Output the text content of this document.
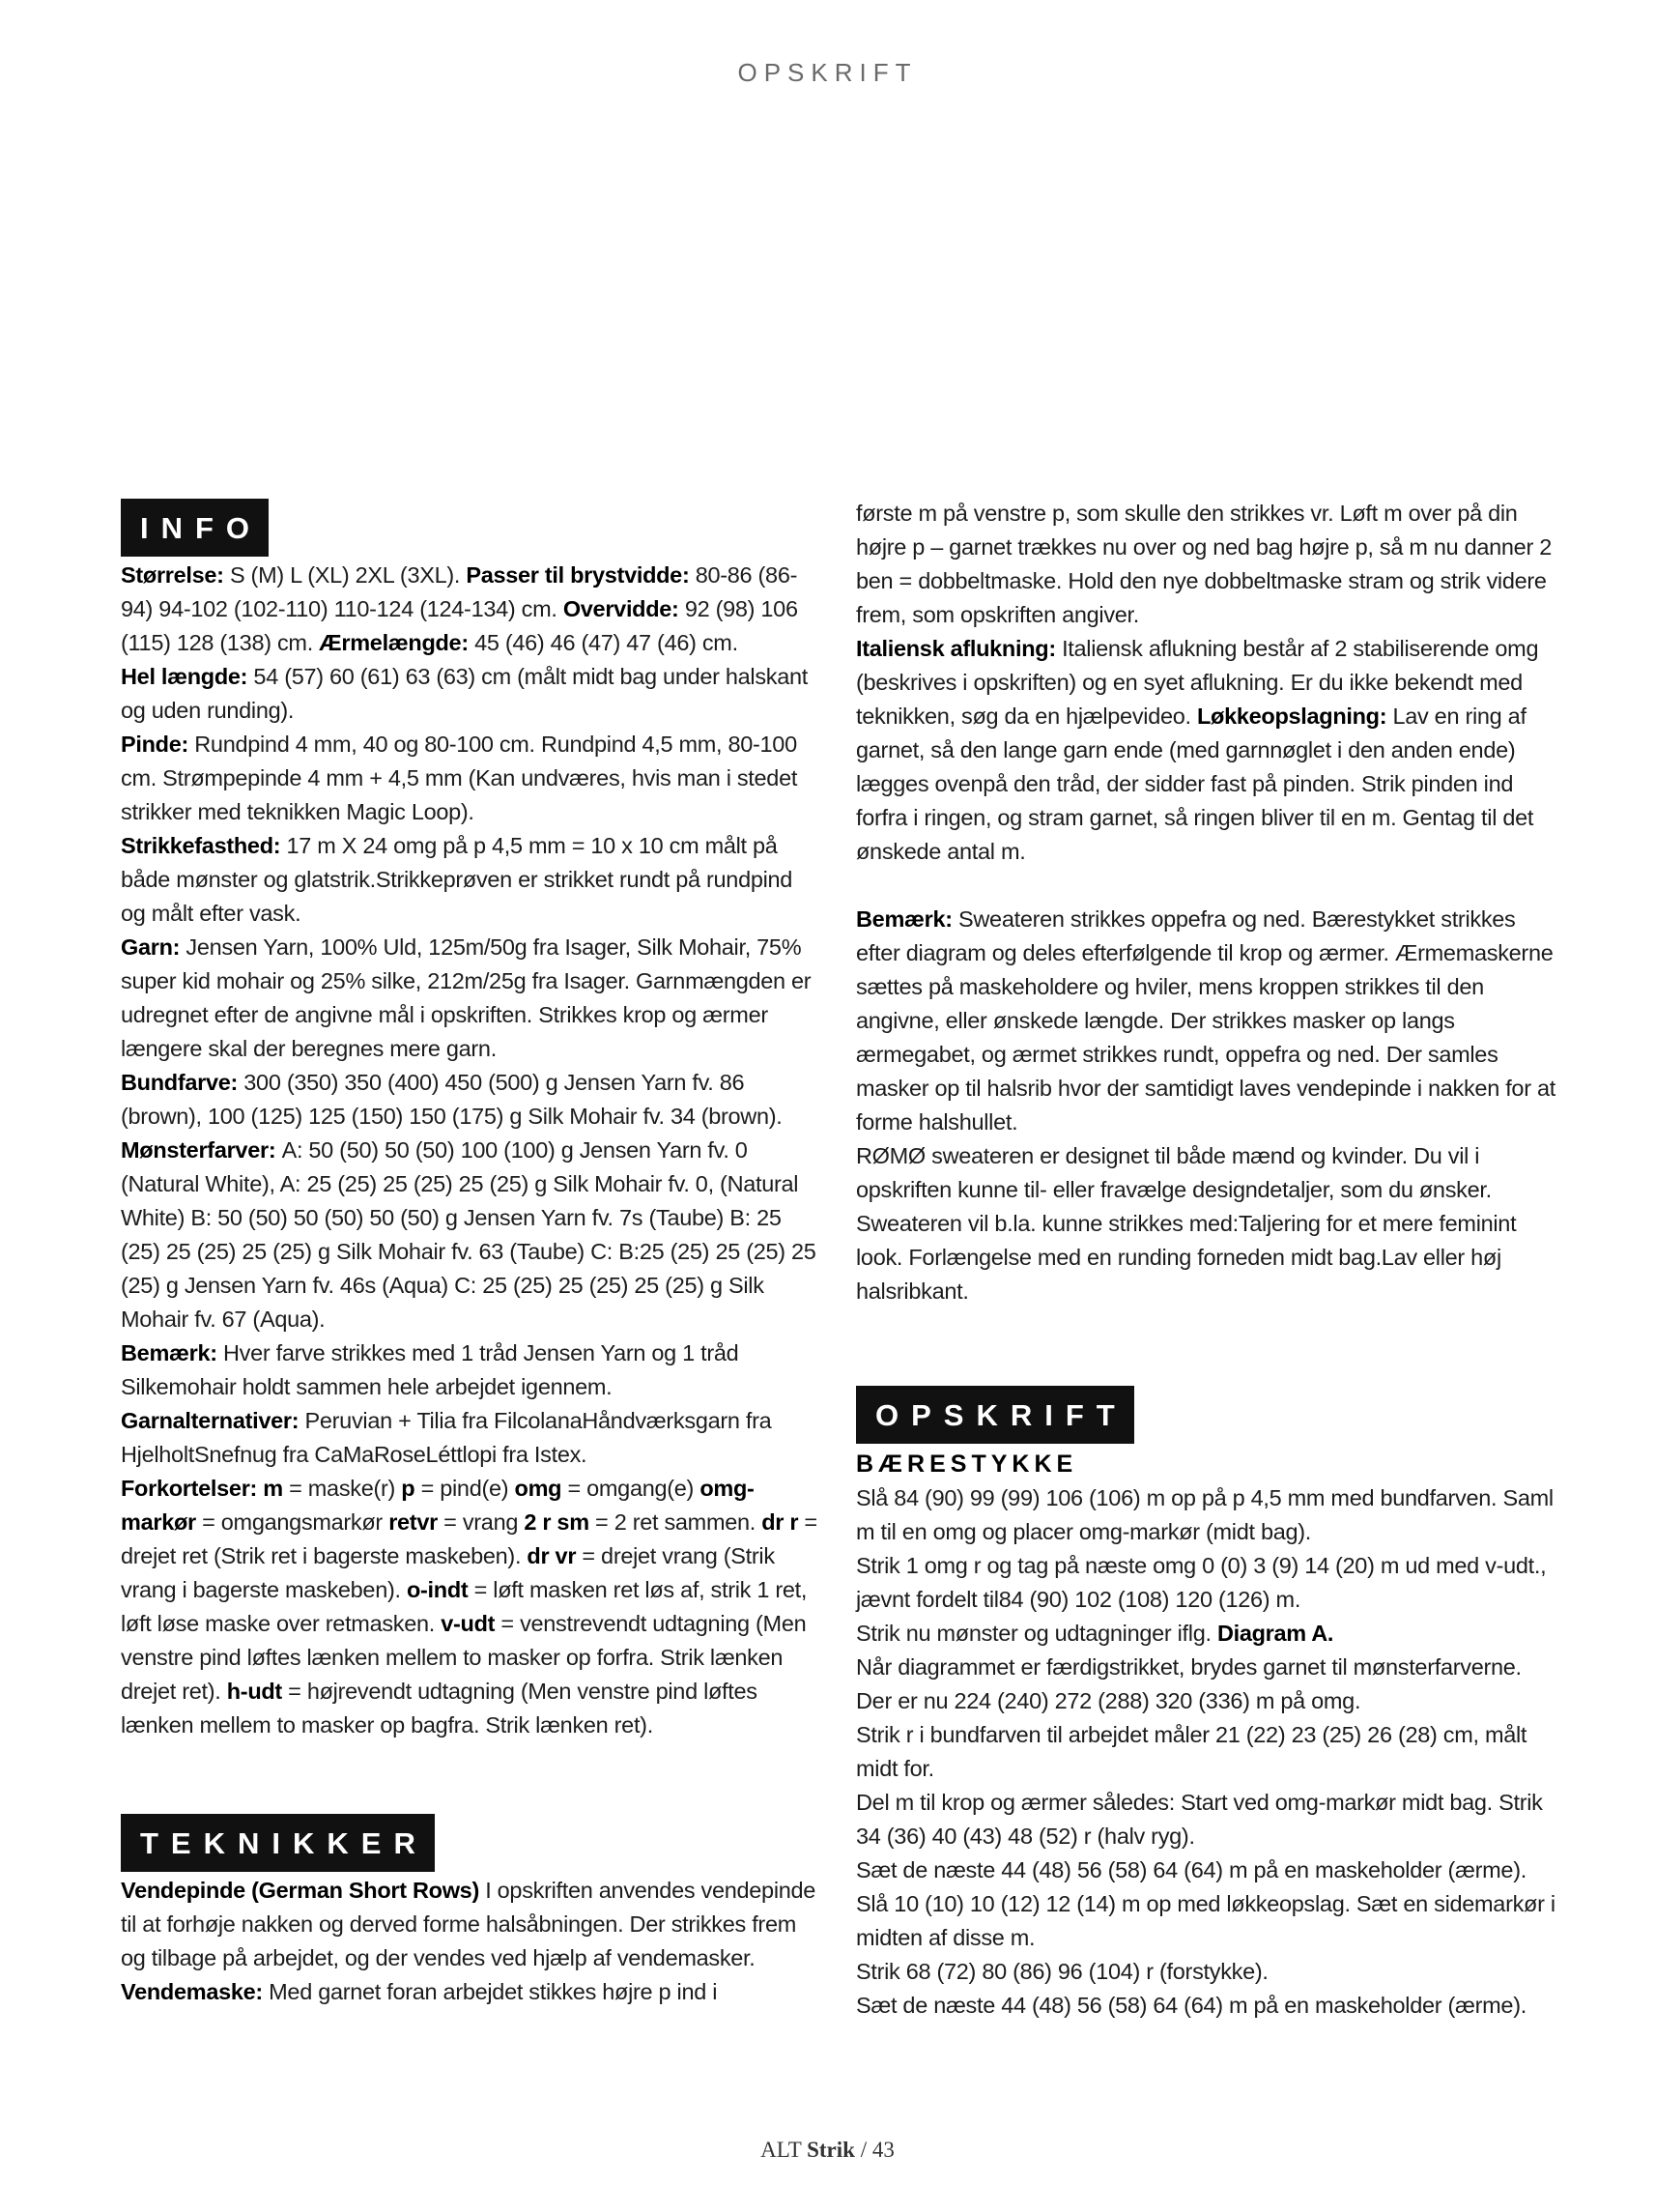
OPSKRIFT
INFO

Størrelse: S (M) L (XL) 2XL (3XL). Passer til brystvidde: 80-86 (86-94) 94-102 (102-110) 110-124 (124-134) cm. Overvidde: 92 (98) 106 (115) 128 (138) cm. Ærmelængde: 45 (46) 46 (47) 47 (46) cm.

Hel længde: 54 (57) 60 (61) 63 (63) cm (målt midt bag under halskant og uden runding).

Pinde: Rundpind 4 mm, 40 og 80-100 cm. Rundpind 4,5 mm, 80-100 cm. Strømpepinde 4 mm + 4,5 mm (Kan undværes, hvis man i stedet strikker med teknikken Magic Loop).

Strikkefasthed: 17 m X 24 omg på p 4,5 mm = 10 x 10 cm målt på både mønster og glatstrik.Strikkeprøven er strikket rundt på rundpind og målt efter vask.

Garn: Jensen Yarn, 100% Uld, 125m/50g fra Isager, Silk Mohair, 75% super kid mohair og 25% silke, 212m/25g fra Isager. Garnmængden er udregnet efter de angivne mål i opskriften. Strikkes krop og ærmer længere skal der beregnes mere garn.

Bundfarve: 300 (350) 350 (400) 450 (500) g Jensen Yarn fv. 86 (brown), 100 (125) 125 (150) 150 (175) g Silk Mohair fv. 34 (brown).

Mønsterfarver: A: 50 (50) 50 (50) 100 (100) g Jensen Yarn fv. 0 (Natural White), A: 25 (25) 25 (25) 25 (25) g Silk Mohair fv. 0, (Natural White) B: 50 (50) 50 (50) 50 (50) g Jensen Yarn fv. 7s (Taube) B: 25 (25) 25 (25) 25 (25) g Silk Mohair fv. 63 (Taube) C: B:25 (25) 25 (25) 25 (25) g Jensen Yarn fv. 46s (Aqua) C: 25 (25) 25 (25) 25 (25) g Silk Mohair fv. 67 (Aqua).

Bemærk: Hver farve strikkes med 1 tråd Jensen Yarn og 1 tråd Silkemohair holdt sammen hele arbejdet igennem.

Garnalternativer: Peruvian + Tilia fra FilcolanaHåndværksgarn fra HjelholtSnefnug fra CaMaRoseLéttlopi fra Istex.

Forkortelser: m = maske(r) p = pind(e) omg = omgang(e) omg-markør = omgangsmarkør retvr = vrang 2 r sm = 2 ret sammen. dr r = drejet ret (Strik ret i bagerste maskeben). dr vr = drejet vrang (Strik vrang i bagerste maskeben). o-indt = løft masken ret løs af, strik 1 ret, løft løse maske over retmasken. v-udt = venstrevendt udtagning (Men venstre pind løftes lænken mellem to masker op forfra. Strik lænken drejet ret). h-udt = højrevendt udtagning (Men venstre pind løftes lænken mellem to masker op bagfra. Strik lænken ret).

TEKNIKKER

Vendepinde (German Short Rows) I opskriften anvendes vendepinde til at forhøje nakken og derved forme halsåbningen. Der strikkes frem og tilbage på arbejdet, og der vendes ved hjælp af vendemasker.

Vendemaske: Med garnet foran arbejdet stikkes højre p ind i

første m på venstre p, som skulle den strikkes vr. Løft m over på din højre p – garnet trækkes nu over og ned bag højre p, så m nu danner 2 ben = dobbeltmaske. Hold den nye dobbeltmaske stram og strik videre frem, som opskriften angiver.

Italiensk aflukning: Italiensk aflukning består af 2 stabiliserende omg (beskrives i opskriften) og en syet aflukning. Er du ikke bekendt med teknikken, søg da en hjælpevideo. Løkkeopslagning: Lav en ring af garnet, så den lange garn ende (med garnnøglet i den anden ende) lægges ovenpå den tråd, der sidder fast på pinden. Strik pinden ind forfra i ringen, og stram garnet, så ringen bliver til en m. Gentag til det ønskede antal m.

Bemærk: Sweateren strikkes oppefra og ned. Bærestykket strikkes efter diagram og deles efterfølgende til krop og ærmer. Ærmemaskerne sættes på maskeholdere og hviler, mens kroppen strikkes til den angivne, eller ønskede længde. Der strikkes masker op langs ærmegabet, og ærmet strikkes rundt, oppefra og ned. Der samles masker op til halsrib hvor der samtidigt laves vendepinde i nakken for at forme halshullet.

RØMØ sweateren er designet til både mænd og kvinder. Du vil i opskriften kunne til- eller fravælge designdetaljer, som du ønsker. Sweateren vil b.la. kunne strikkes med:Taljering for et mere feminint look. Forlængelse med en runding forneden midt bag.Lav eller høj halsribkant.

OPSKRIFT
BÆRESTYKKE

Slå 84 (90) 99 (99) 106 (106) m op på p 4,5 mm med bundfarven. Saml m til en omg og placer omg-markør (midt bag).

Strik 1 omg r og tag på næste omg 0 (0) 3 (9) 14 (20) m ud med v-udt., jævnt fordelt til84 (90) 102 (108) 120 (126) m.

Strik nu mønster og udtagninger iflg. Diagram A.

Når diagrammet er færdigstrikket, brydes garnet til mønsterfarverne. Der er nu 224 (240) 272 (288) 320 (336) m på omg.

Strik r i bundfarven til arbejdet måler 21 (22) 23 (25) 26 (28) cm, målt midt for.

Del m til krop og ærmer således: Start ved omg-markør midt bag. Strik 34 (36) 40 (43) 48 (52) r (halv ryg).

Sæt de næste 44 (48) 56 (58) 64 (64) m på en maskeholder (ærme).

Slå 10 (10) 10 (12) 12 (14) m op med løkkeopslag. Sæt en sidemarkør i midten af disse m.

Strik 68 (72) 80 (86) 96 (104) r (forstykke).

Sæt de næste 44 (48) 56 (58) 64 (64) m på en maskeholder (ærme).

ALT Strik / 43
